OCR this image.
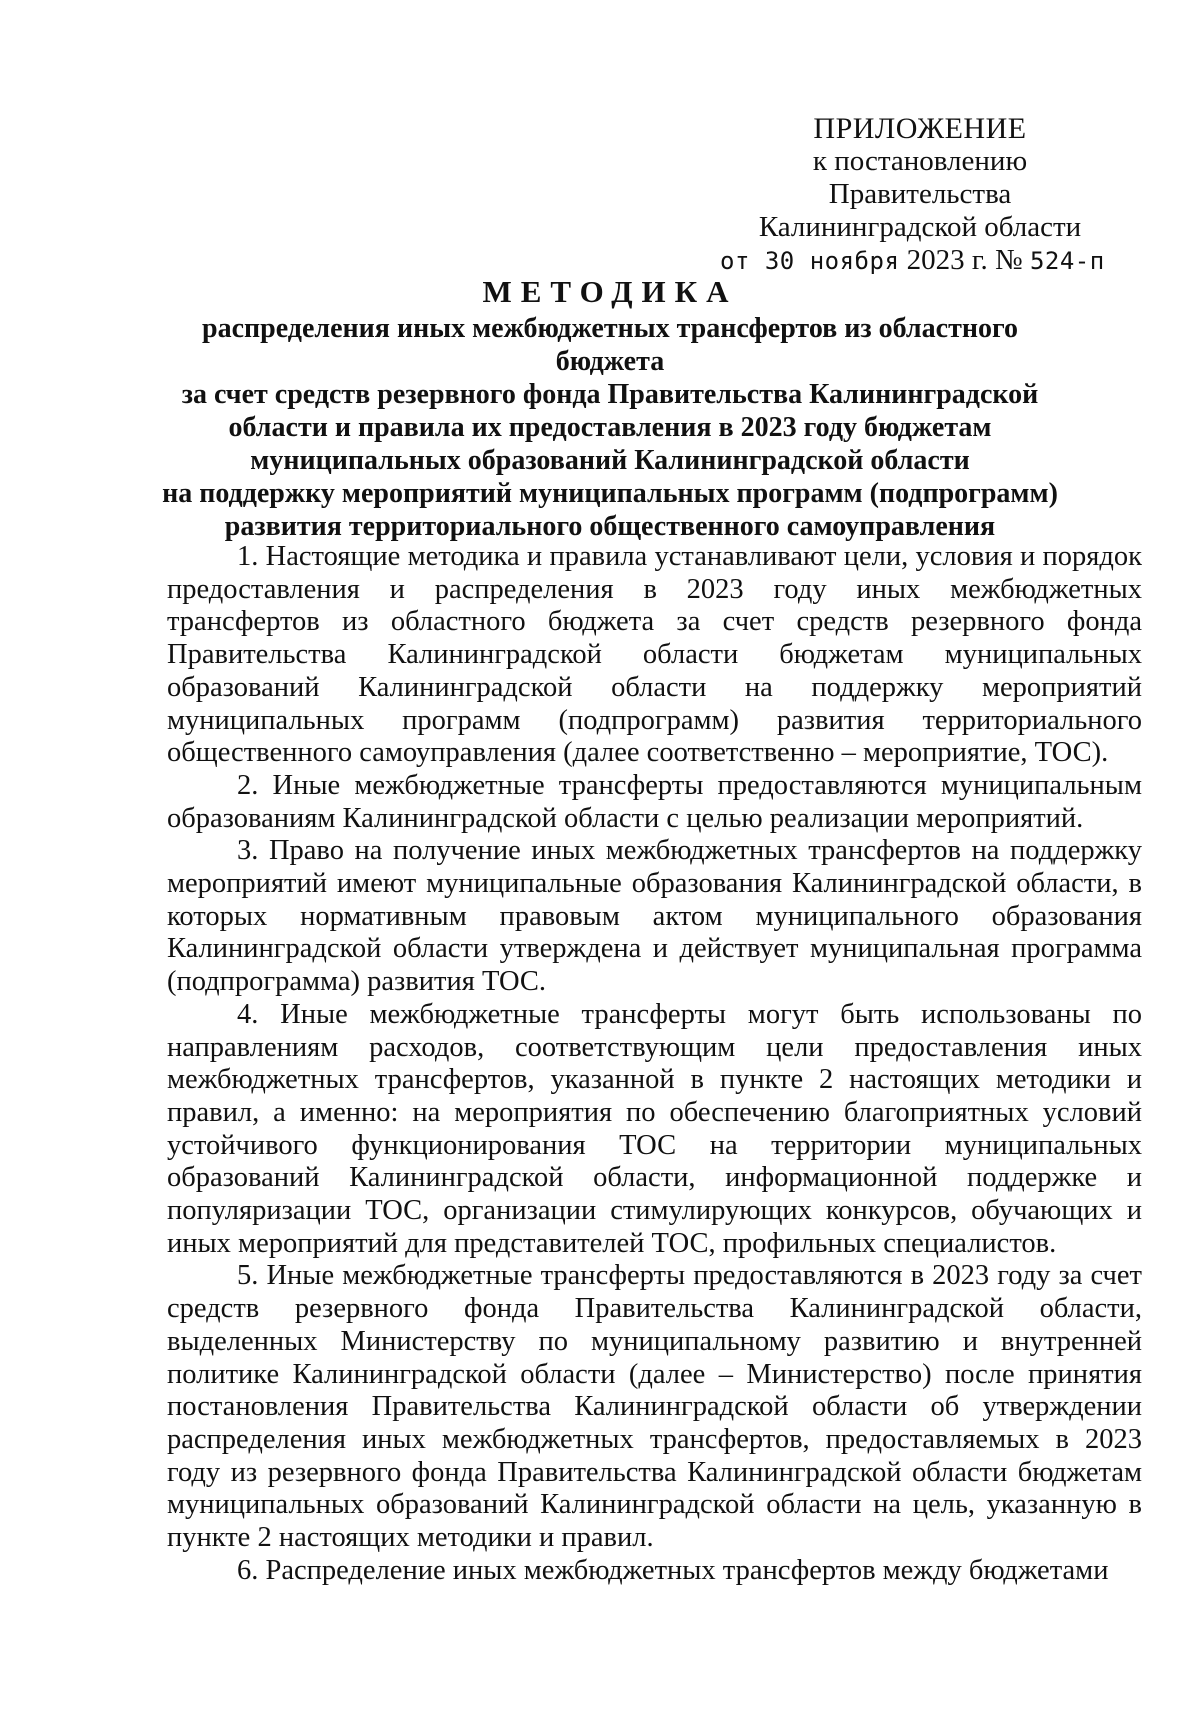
ПРИЛОЖЕНИЕ
к постановлению Правительства
Калининградской области
от 30 ноября 2023 г. № 524-п
МЕТОДИКА
распределения иных межбюджетных трансфертов из областного бюджета
за счет средств резервного фонда Правительства Калининградской
области и правила их предоставления в 2023 году бюджетам
муниципальных образований Калининградской области
на поддержку мероприятий муниципальных программ (подпрограмм)
развития территориального общественного самоуправления

1. Настоящие методика и правила устанавливают цели, условия и порядок предоставления и распределения в 2023 году иных межбюджетных трансфертов из областного бюджета за счет средств резервного фонда Правительства Калининградской области бюджетам муниципальных образований Калининградской области на поддержку мероприятий муниципальных программ (подпрограмм) развития территориального общественного самоуправления (далее соответственно – мероприятие, ТОС).

2. Иные межбюджетные трансферты предоставляются муниципальным образованиям Калининградской области с целью реализации мероприятий.

3. Право на получение иных межбюджетных трансфертов на поддержку мероприятий имеют муниципальные образования Калининградской области, в которых нормативным правовым актом муниципального образования Калининградской области утверждена и действует муниципальная программа (подпрограмма) развития ТОС.

4. Иные межбюджетные трансферты могут быть использованы по направлениям расходов, соответствующим цели предоставления иных межбюджетных трансфертов, указанной в пункте 2 настоящих методики и правил, а именно: на мероприятия по обеспечению благоприятных условий устойчивого функционирования ТОС на территории муниципальных образований Калининградской области, информационной поддержке и популяризации ТОС, организации стимулирующих конкурсов, обучающих и иных мероприятий для представителей ТОС, профильных специалистов.

5. Иные межбюджетные трансферты предоставляются в 2023 году за счет средств резервного фонда Правительства Калининградской области, выделенных Министерству по муниципальному развитию и внутренней политике Калининградской области (далее – Министерство) после принятия постановления Правительства Калининградской области об утверждении распределения иных межбюджетных трансфертов, предоставляемых в 2023 году из резервного фонда Правительства Калининградской области бюджетам муниципальных образований Калининградской области на цель, указанную в пункте 2 настоящих методики и правил.

6. Распределение иных межбюджетных трансфертов между бюджетами
